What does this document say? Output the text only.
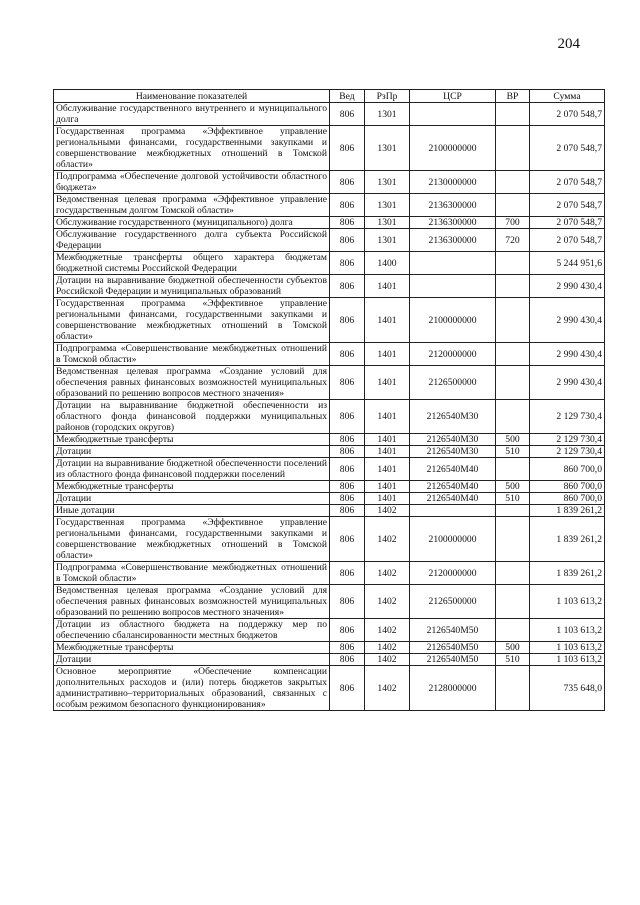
204
Наименование показателей	Вед	РзПр	ЦСР	ВР	Сумма
Обслуживание государственного внутреннего и муниципального долга	806	1301			2 070 548,7
Государственная программа «Эффективное управление региональными финансами, государственными закупками и совершенствование межбюджетных отношений в Томской области»	806	1301	2100000000		2 070 548,7
Подпрограмма «Обеспечение долговой устойчивости областного бюджета»	806	1301	2130000000		2 070 548,7
Ведомственная целевая программа «Эффективное управление государственным долгом Томской области»	806	1301	2136300000		2 070 548,7
Обслуживание государственного (муниципального) долга	806	1301	2136300000	700	2 070 548,7
Обслуживание государственного долга субъекта Российской Федерации	806	1301	2136300000	720	2 070 548,7
Межбюджетные трансферты общего характера бюджетам бюджетной системы Российской Федерации	806	1400			5 244 951,6
Дотации на выравнивание бюджетной обеспеченности субъектов Российской Федерации и муниципальных образований	806	1401			2 990 430,4
Государственная программа «Эффективное управление региональными финансами, государственными закупками и совершенствование межбюджетных отношений в Томской области»	806	1401	2100000000		2 990 430,4
Подпрограмма «Совершенствование межбюджетных отношений в Томской области»	806	1401	2120000000		2 990 430,4
Ведомственная целевая программа «Создание условий для обеспечения равных финансовых возможностей муниципальных образований по решению вопросов местного значения»	806	1401	2126500000		2 990 430,4
Дотации на выравнивание бюджетной обеспеченности из областного фонда финансовой поддержки муниципальных районов (городских округов)	806	1401	2126540M30		2 129 730,4
Межбюджетные трансферты	806	1401	2126540M30	500	2 129 730,4
Дотации	806	1401	2126540M30	510	2 129 730,4
Дотации на выравнивание бюджетной обеспеченности поселений из областного фонда финансовой поддержки поселений	806	1401	2126540M40		860 700,0
Межбюджетные трансферты	806	1401	2126540M40	500	860 700,0
Дотации	806	1401	2126540M40	510	860 700,0
Иные дотации	806	1402			1 839 261,2
Государственная программа «Эффективное управление региональными финансами, государственными закупками и совершенствование межбюджетных отношений в Томской области»	806	1402	2100000000		1 839 261,2
Подпрограмма «Совершенствование межбюджетных отношений в Томской области»	806	1402	2120000000		1 839 261,2
Ведомственная целевая программа «Создание условий для обеспечения равных финансовых возможностей муниципальных образований по решению вопросов местного значения»	806	1402	2126500000		1 103 613,2
Дотации из областного бюджета на поддержку мер по обеспечению сбалансированности местных бюджетов	806	1402	2126540M50		1 103 613,2
Межбюджетные трансферты	806	1402	2126540M50	500	1 103 613,2
Дотации	806	1402	2126540M50	510	1 103 613,2
Основное мероприятие «Обеспечение компенсации дополнительных расходов и (или) потерь бюджетов закрытых административно–территориальных образований, связанных с особым режимом безопасного функционирования»	806	1402	2128000000		735 648,0
